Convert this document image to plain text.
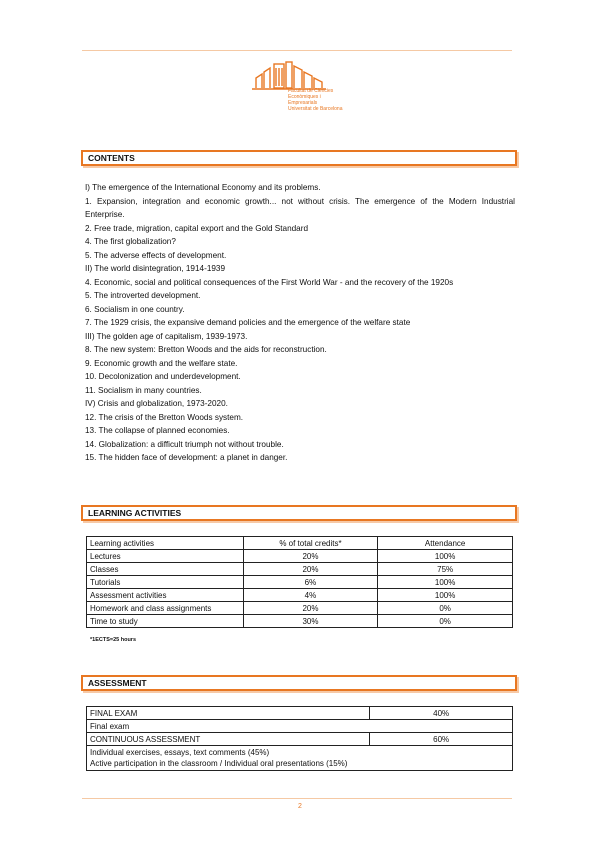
Facultat de Ciències
Econòmiques i Empresarials
Universitat de Barcelona
CONTENTS
I) The emergence of the International Economy and its problems.
1. Expansion, integration and economic growth... not without crisis. The emergence of the Modern Industrial Enterprise.
2. Free trade, migration, capital export and the Gold Standard
4. The first globalization?
5. The adverse effects of development.
II) The world disintegration, 1914-1939
4. Economic, social and political consequences of the First World War - and the recovery of the 1920s
5. The introverted development.
6. Socialism in one country.
7. The 1929 crisis, the expansive demand policies and the emergence of the welfare state
III) The golden age of capitalism, 1939-1973.
8. The new system: Bretton Woods and the aids for reconstruction.
9. Economic growth and the welfare state.
10. Decolonization and underdevelopment.
11. Socialism in many countries.
IV) Crisis and globalization, 1973-2020.
12. The crisis of the Bretton Woods system.
13. The collapse of planned economies.
14. Globalization: a difficult triumph not without trouble.
15. The hidden face of development: a planet in danger.
LEARNING ACTIVITIES
Learning activities	% of total credits*	Attendance
Lectures	20%	100%
Classes	20%	75%
Tutorials	6%	100%
Assessment activities	4%	100%
Homework and class assignments	20%	0%
Time to study	30%	0%
*1ECTS=25 hours
ASSESSMENT
FINAL EXAM	40%
Final exam	
CONTINUOUS ASSESSMENT	60%

Individual exercises, essays, text comments (45%)
Active participation in the classroom / Individual oral presentations (15%)	
2
